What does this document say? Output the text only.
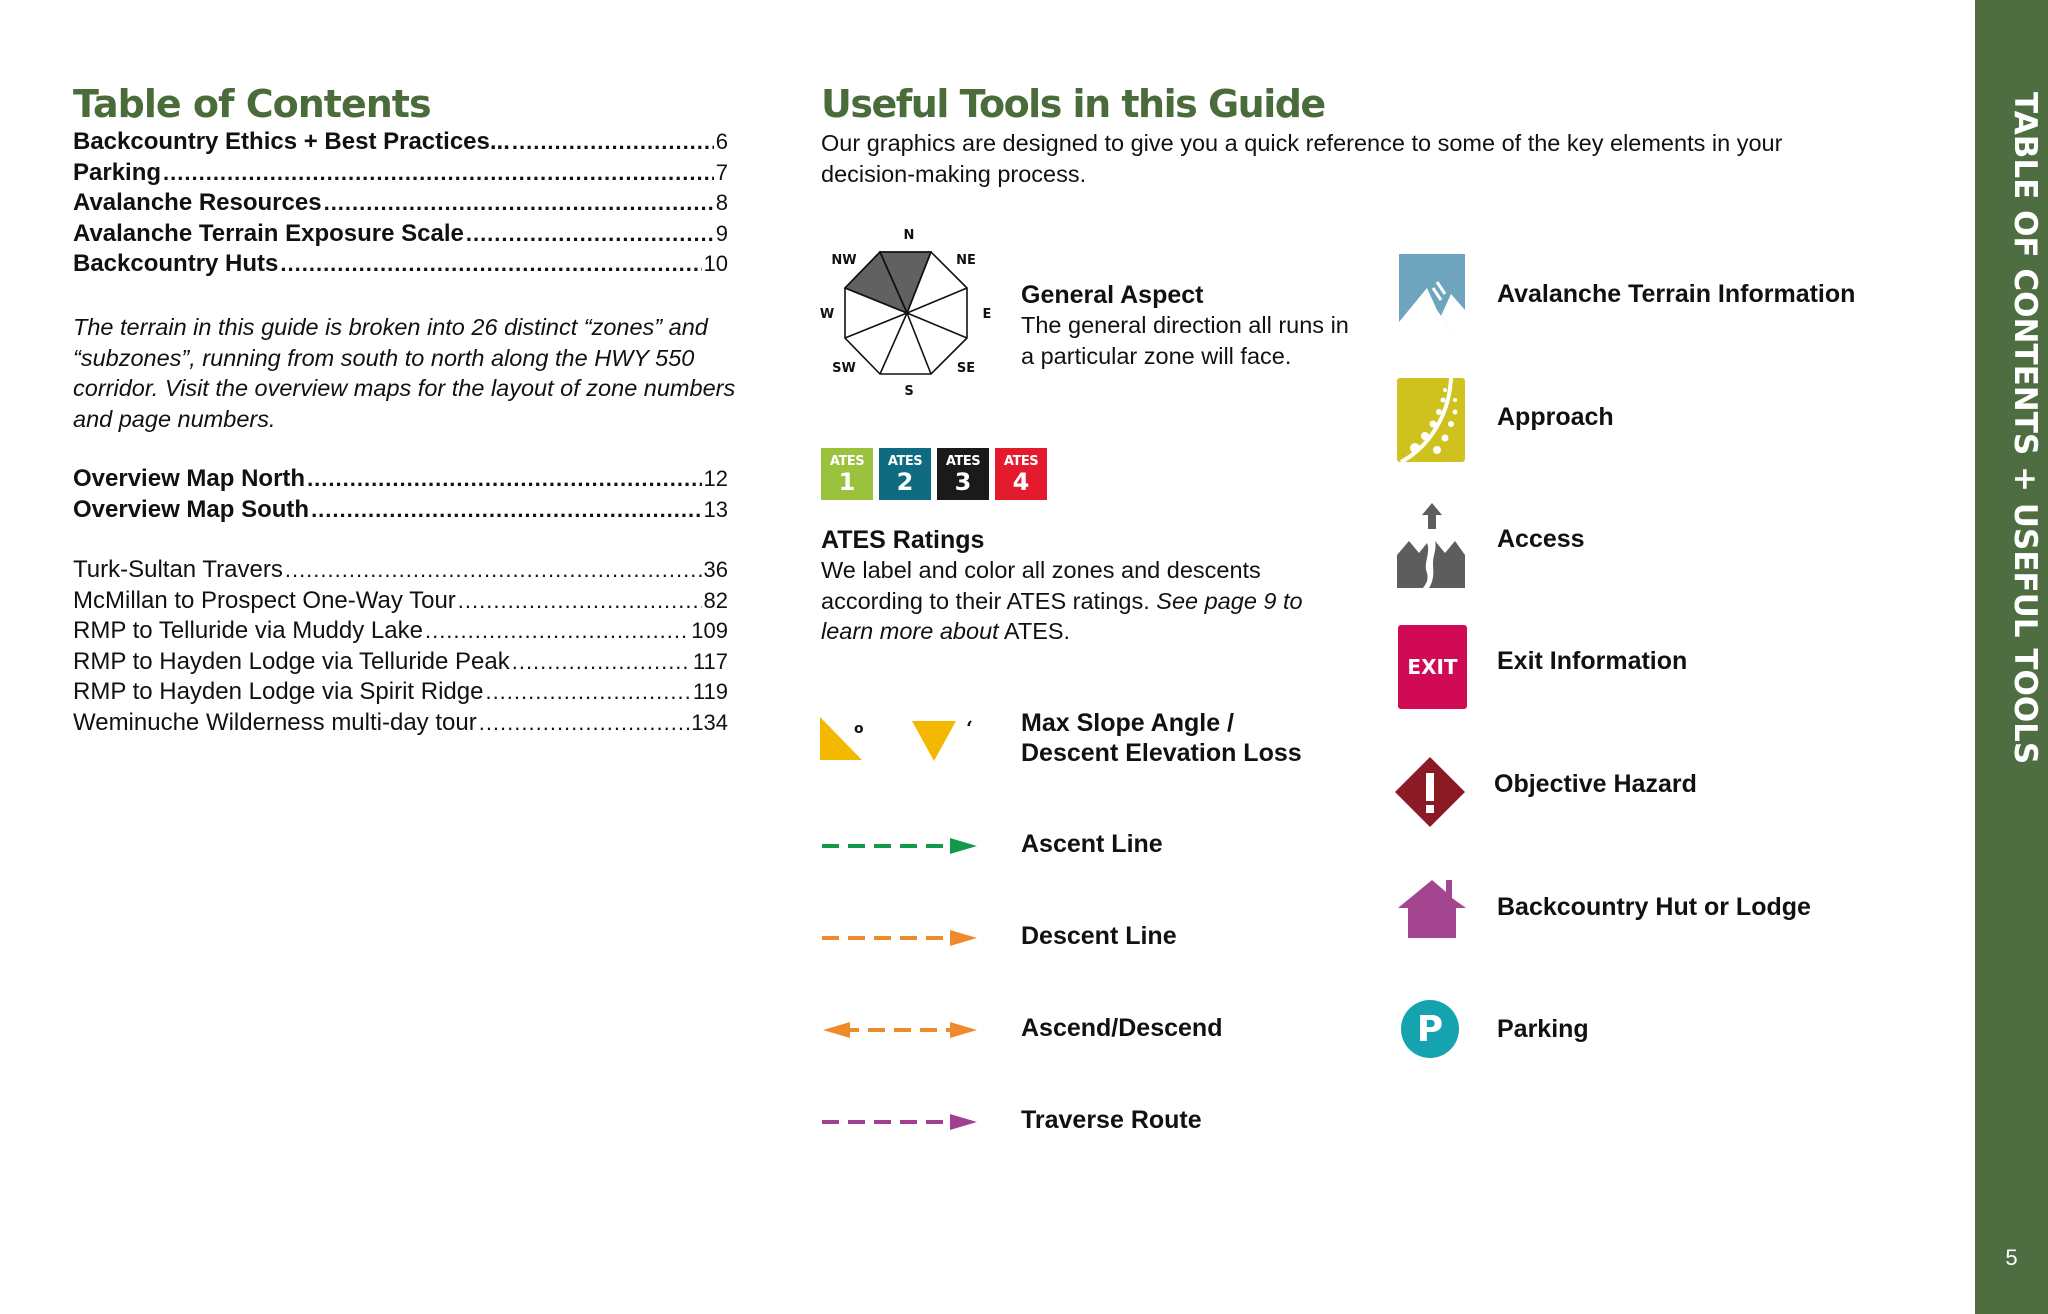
Table of Contents
Backcountry Ethics + Best Practices... .....	6
Parking .....	7
Avalanche Resources .....	8
Avalanche Terrain Exposure Scale .....	9
Backcountry Huts .....	10
The terrain in this guide is broken into 26 distinct “zones” and “subzones”, running from south to north along the HWY 550 corridor. Visit the overview maps for the layout of zone numbers and page numbers.
Overview Map North .....	12
Overview Map South .....	13
Turk-Sultan Travers .....	36
McMillan to Prospect One-Way Tour .....	82
RMP to Telluride via Muddy Lake .....	109
RMP to Hayden Lodge via Telluride Peak .....	117
RMP to Hayden Lodge via Spirit Ridge .....	119
Weminuche Wilderness multi-day tour .....	134
Useful Tools in this Guide
Our graphics are designed to give you a quick reference to some of the key elements in your decision-making process.
N
NE
E
SE
S
SW
W
NW
General Aspect
The general direction all runs in a particular zone will face.
ATES
1
ATES
2
ATES
3
ATES
4
ATES Ratings
We label and color all zones and descents according to their ATES ratings. See page 9 to learn more about ATES.
o	‘ Max Slope Angle /
Descent Elevation Loss
Ascent Line
Descent Line
Ascend/Descend
Traverse Route
Avalanche Terrain Information
Approach
Access
EXIT	Exit Information
Objective Hazard
Backcountry Hut or Lodge
P	Parking
TABLE OF CONTENTS + USEFUL TOOLS
5
